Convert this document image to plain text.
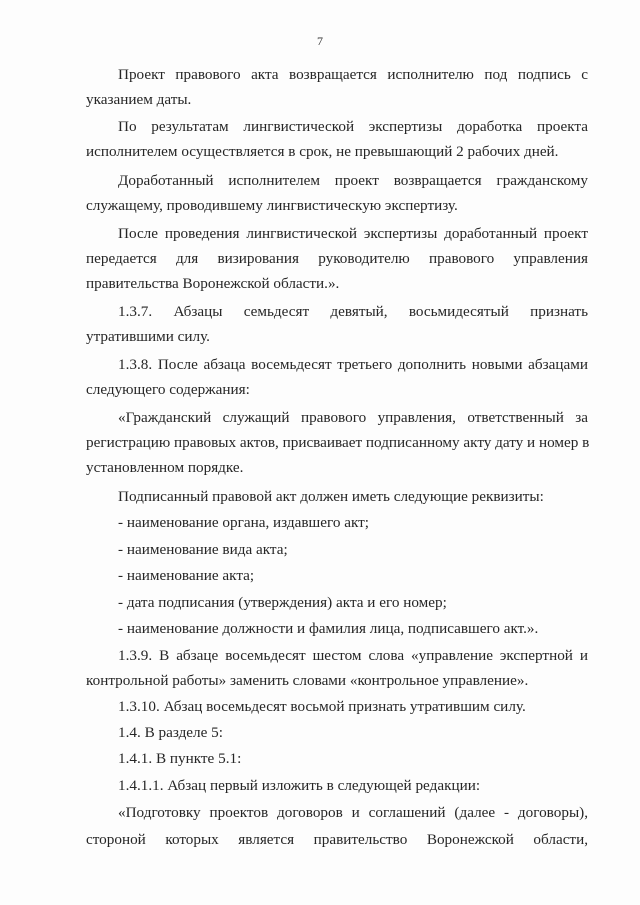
7
Проект правового акта возвращается исполнителю под подпись с
указанием даты.
По результатам лингвистической экспертизы доработка проекта
исполнителем осуществляется в срок, не превышающий 2 рабочих дней.
Доработанный исполнителем проект возвращается гражданскому
служащему, проводившему лингвистическую экспертизу.
После проведения лингвистической экспертизы доработанный проект
передается для визирования руководителю правового управления
правительства Воронежской области.».
1.3.7. Абзацы семьдесят девятый, восьмидесятый признать
утратившими силу.
1.3.8. После абзаца восемьдесят третьего дополнить новыми абзацами
следующего содержания:
«Гражданский служащий правового управления, ответственный за
регистрацию правовых актов, присваивает подписанному акту дату и номер в
установленном порядке.
Подписанный правовой акт должен иметь следующие реквизиты:
- наименование органа, издавшего акт;
- наименование вида акта;
- наименование акта;
- дата подписания (утверждения) акта и его номер;
- наименование должности и фамилия лица, подписавшего акт.».
1.3.9. В абзаце восемьдесят шестом слова «управление экспертной и
контрольной работы» заменить словами «контрольное управление».
1.3.10. Абзац восемьдесят восьмой признать утратившим силу.
1.4. В разделе 5:
1.4.1. В пункте 5.1:
1.4.1.1. Абзац первый изложить в следующей редакции:
«Подготовку проектов договоров и соглашений (далее - договоры),
стороной которых является правительство Воронежской области,
